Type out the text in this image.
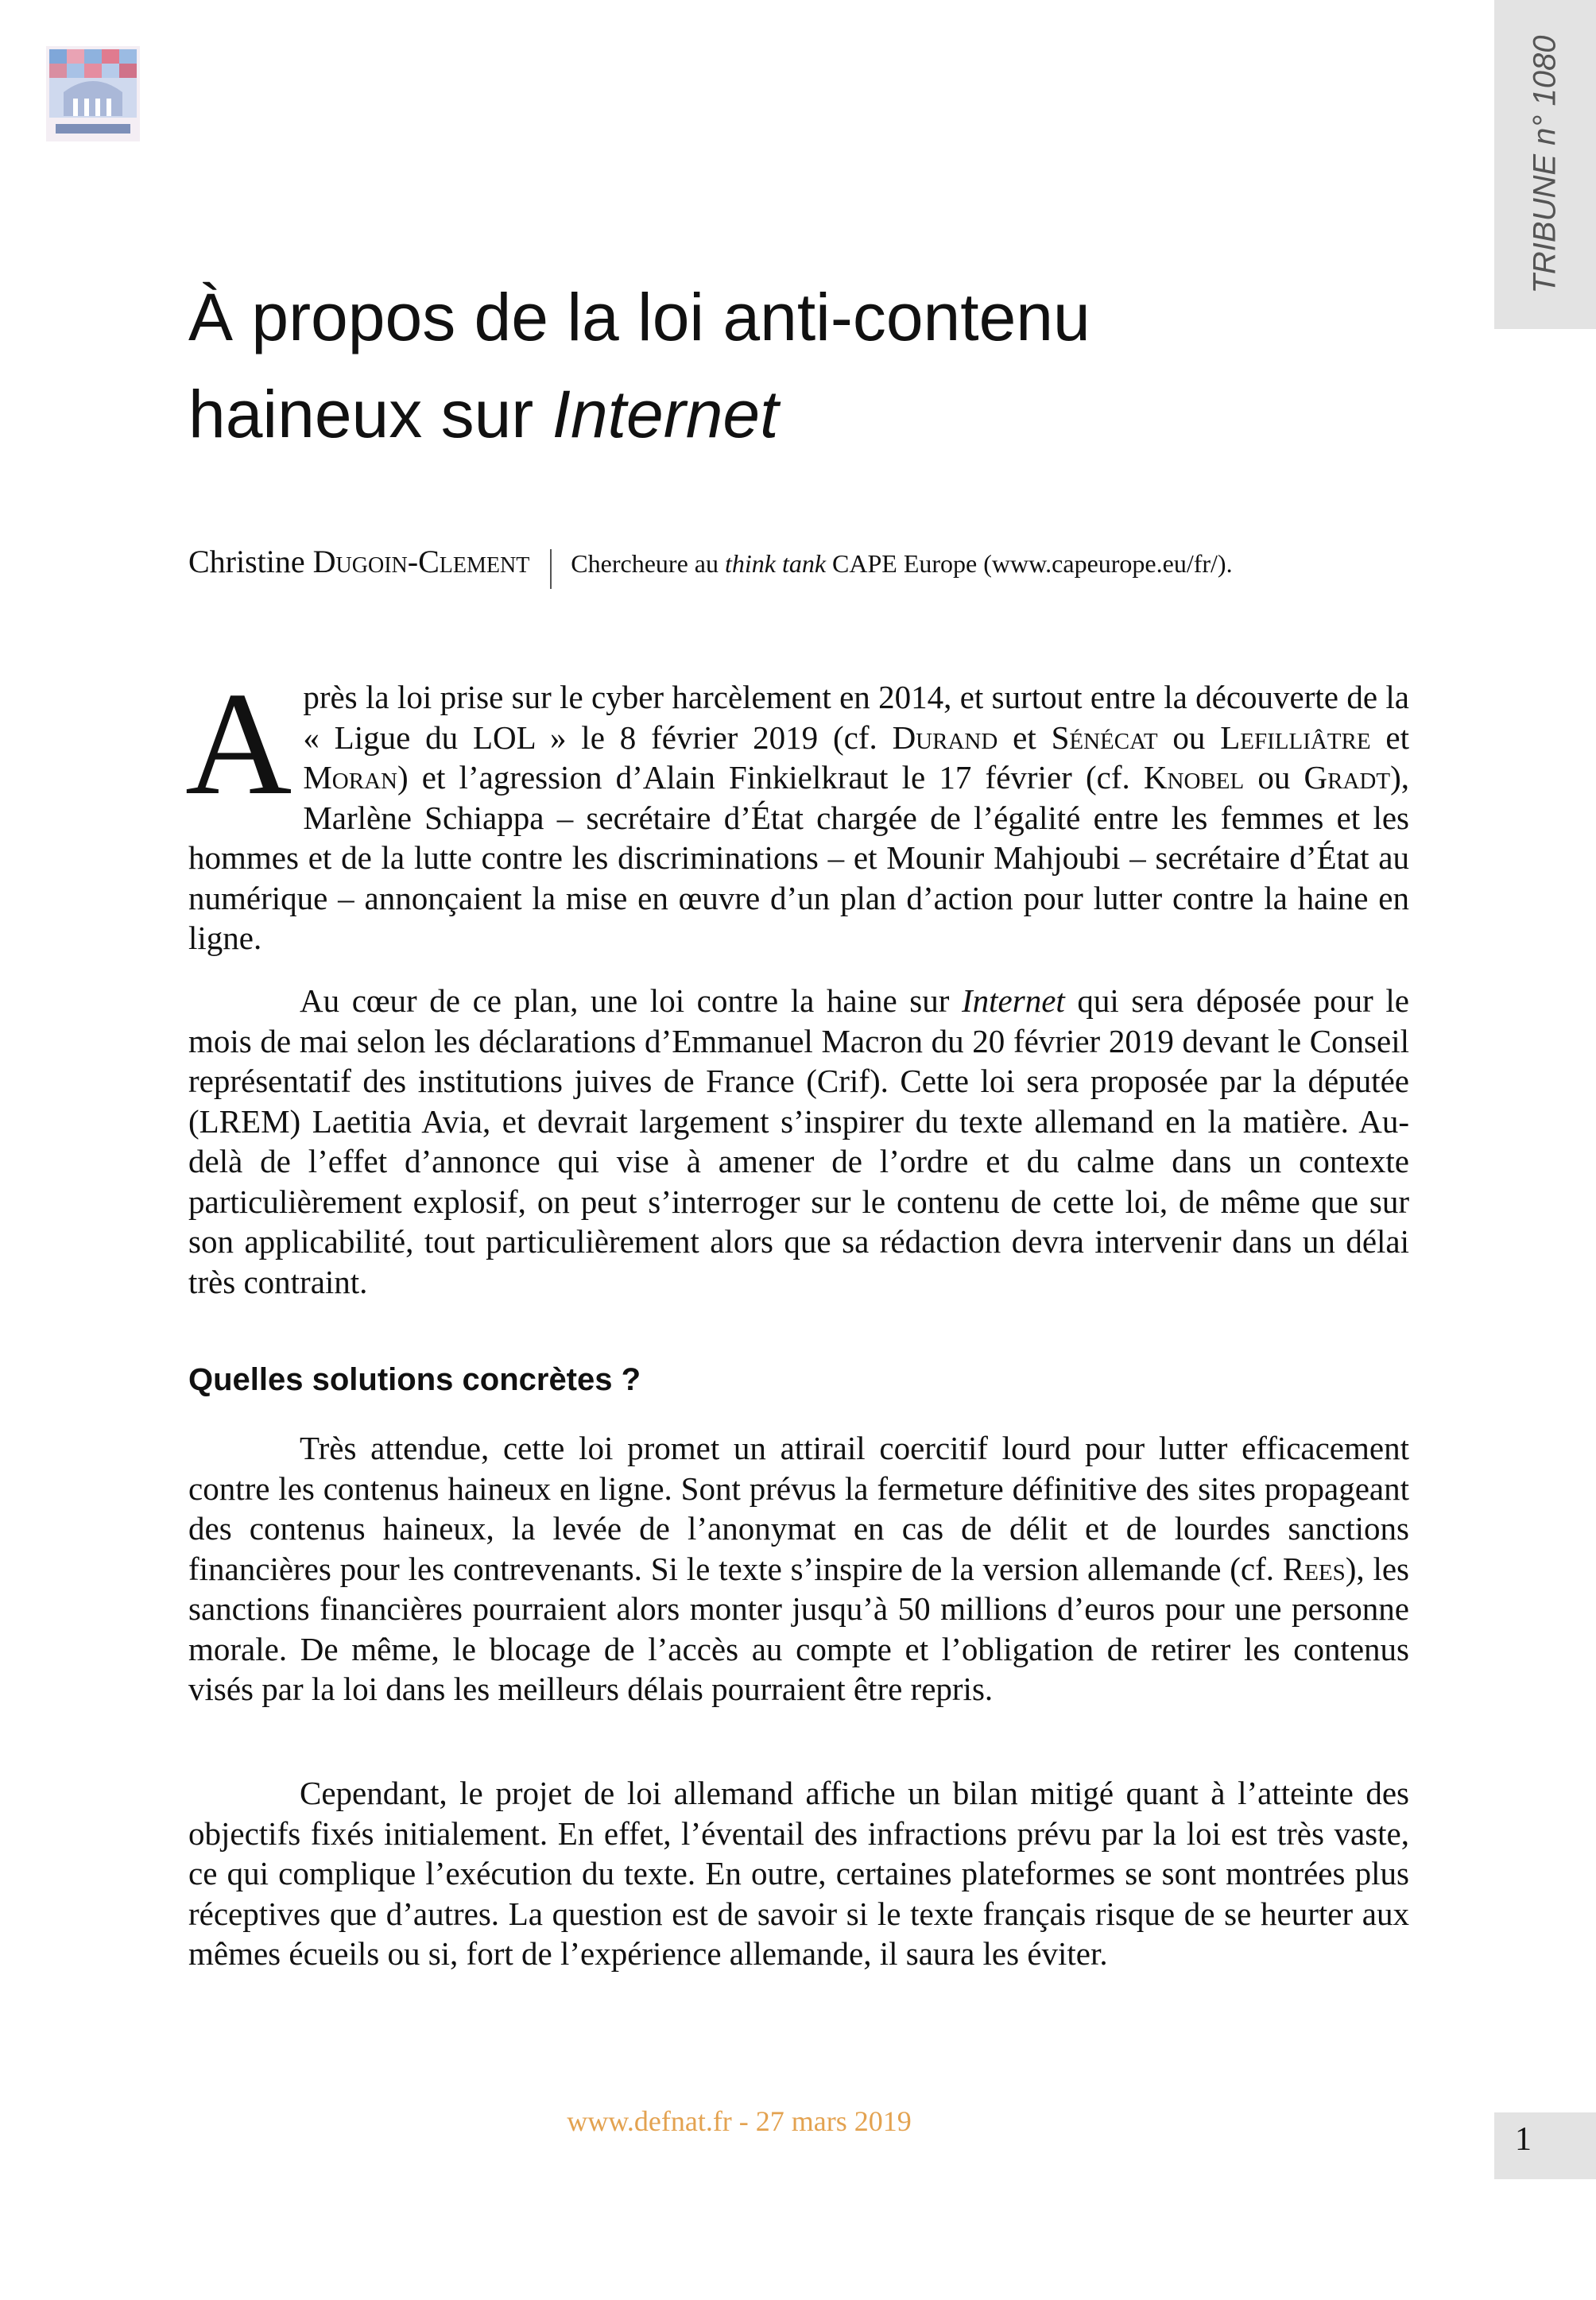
TRIBUNE n° 1080
À propos de la loi anti-contenu
haineux sur Internet
Christine Dugoin-Clement Chercheure au think tank CAPE Europe (www.capeurope.eu/fr/).

Après la loi prise sur le cyber harcèlement en 2014, et surtout entre la découverte de la « Ligue du LOL » le 8 février 2019 (cf. Durand et Sénécat ou Lefilliâtre et Moran) et l’agression d’Alain Finkielkraut le 17 février (cf. Knobel ou Gradt), Marlène Schiappa – secrétaire d’État chargée de l’égalité entre les femmes et les hommes et de la lutte contre les discriminations – et Mounir Mahjoubi – secrétaire d’État au numérique – annonçaient la mise en œuvre d’un plan d’action pour lutter contre la haine en ligne.

Au cœur de ce plan, une loi contre la haine sur Internet qui sera déposée pour le mois de mai selon les déclarations d’Emmanuel Macron du 20 février 2019 devant le Conseil représentatif des institutions juives de France (Crif). Cette loi sera proposée par la députée (LREM) Laetitia Avia, et devrait largement s’inspirer du texte allemand en la matière. Au-delà de l’effet d’annonce qui vise à amener de l’ordre et du calme dans un contexte particulièrement explosif, on peut s’interroger sur le contenu de cette loi, de même que sur son applicabilité, tout particulièrement alors que sa rédaction devra intervenir dans un délai très contraint.

Quelles solutions concrètes ?

Très attendue, cette loi promet un attirail coercitif lourd pour lutter efficacement contre les contenus haineux en ligne. Sont prévus la fermeture définitive des sites propageant des contenus haineux, la levée de l’anonymat en cas de délit et de lourdes sanctions financières pour les contrevenants. Si le texte s’inspire de la version allemande (cf. Rees), les sanctions financières pourraient alors monter jusqu’à 50 millions d’euros pour une personne morale. De même, le blocage de l’accès au compte et l’obligation de retirer les contenus visés par la loi dans les meilleurs délais pourraient être repris.

Cependant, le projet de loi allemand affiche un bilan mitigé quant à l’atteinte des objectifs fixés initialement. En effet, l’éventail des infractions prévu par la loi est très vaste, ce qui complique l’exécution du texte. En outre, certaines plateformes se sont montrées plus réceptives que d’autres. La question est de savoir si le texte français risque de se heurter aux mêmes écueils ou si, fort de l’expérience allemande, il saura les éviter.

www.defnat.fr - 27 mars 2019	1
